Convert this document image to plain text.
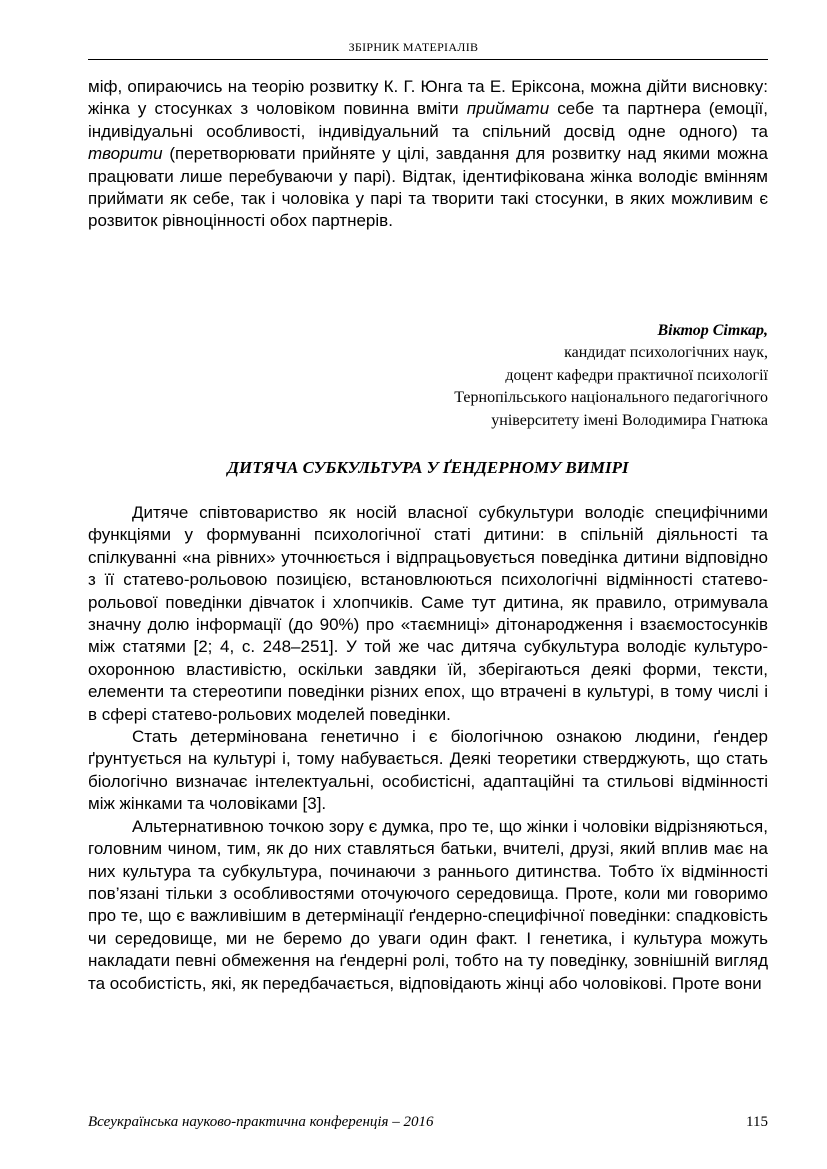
ЗБІРНИК МАТЕРІАЛІВ

міф, опираючись на теорію розвитку К. Г. Юнга та Е. Еріксона, можна дійти висновку: жінка у стосунках з чоловіком повинна вміти приймати себе та партнера (емоції, індивідуальні особливості, індивідуальний та спільний досвід одне одного) та творити (перетворювати прийняте у цілі, завдання для розвитку над якими можна працювати лише перебуваючи у парі). Відтак, ідентифікована жінка володіє вмінням приймати як себе, так і чоловіка у парі та творити такі стосунки, в яких можливим є розвиток рівноцінності обох партнерів.

Віктор Сіткар,
кандидат психологічних наук,
доцент кафедри практичної психології
Тернопільського національного педагогічного
університету імені Володимира Гнатюка
ДИТЯЧА СУБКУЛЬТУРА У ҐЕНДЕРНОМУ ВИМІРІ

Дитяче співтовариство як носій власної субкультури володіє специфічними функціями у формуванні психологічної статі дитини: в спільній діяльності та спілкуванні «на рівних» уточнюється і відпрацьовується поведінка дитини відповідно з її статево-рольовою позицією, встановлюються психологічні відмінності статево-рольової поведінки дівчаток і хлопчиків. Саме тут дитина, як правило, отримувала значну долю інформації (до 90%) про «таємниці» дітонародження і взаємостосунків між статями [2; 4, с. 248–251]. У той же час дитяча субкультура володіє культуро-охоронною властивістю, оскільки завдяки їй, зберігаються деякі форми, тексти, елементи та стереотипи поведінки різних епох, що втрачені в культурі, в тому числі і в сфері статево-рольових моделей поведінки.

Стать детермінована генетично і є біологічною ознакою людини, ґендер ґрунтується на культурі і, тому набувається. Деякі теоретики стверджують, що стать біологічно визначає інтелектуальні, особистісні, адаптаційні та стильові відмінності між жінками та чоловіками [3].

Альтернативною точкою зору є думка, про те, що жінки і чоловіки відрізняються, головним чином, тим, як до них ставляться батьки, вчителі, друзі, який вплив має на них культура та субкультура, починаючи з раннього дитинства. Тобто їх відмінності пов’язані тільки з особливостями оточуючого середовища. Проте, коли ми говоримо про те, що є важливішим в детермінації ґендерно-специфічної поведінки: спадковість чи середовище, ми не беремо до уваги один факт. І генетика, і культура можуть накладати певні обмеження на ґендерні ролі, тобто на ту поведінку, зовнішній вигляд та особистість, які, як передбачається, відповідають жінці або чоловікові. Проте вони

Всеукраїнська науково-практична конференція – 2016	115
